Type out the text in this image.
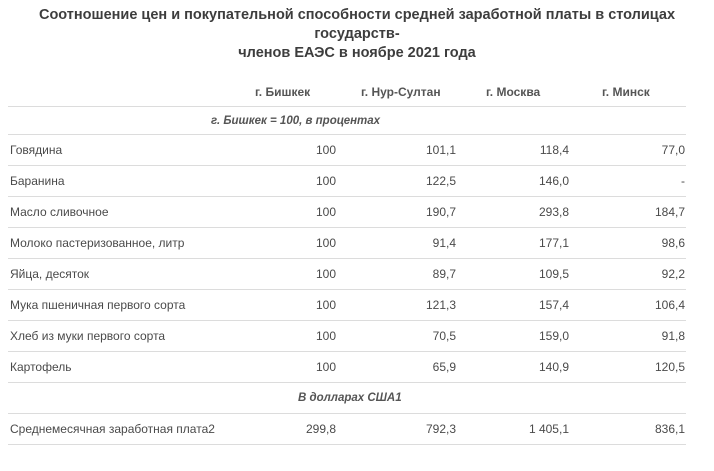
Соотношение цен и покупательной способности средней заработной платы в столицах государств-
членов ЕАЭС в ноябре 2021 года
	г. Бишкек	г. Нур-Султан	г. Москва	г. Минск
г. Бишкек = 100, в процентах				
Говядина	100	101,1	118,4	77,0
Баранина	100	122,5	146,0	-
Масло сливочное	100	190,7	293,8	184,7
Молоко пастеризованное, литр	100	91,4	177,1	98,6
Яйца, десяток	100	89,7	109,5	92,2
Мука пшеничная первого сорта	100	121,3	157,4	106,4
Хлеб из муки первого сорта	100	70,5	159,0	91,8
Картофель	100	65,9	140,9	120,5
В долларах США1				
Среднемесячная заработная плата2	299,8	792,3	1 405,1	836,1
